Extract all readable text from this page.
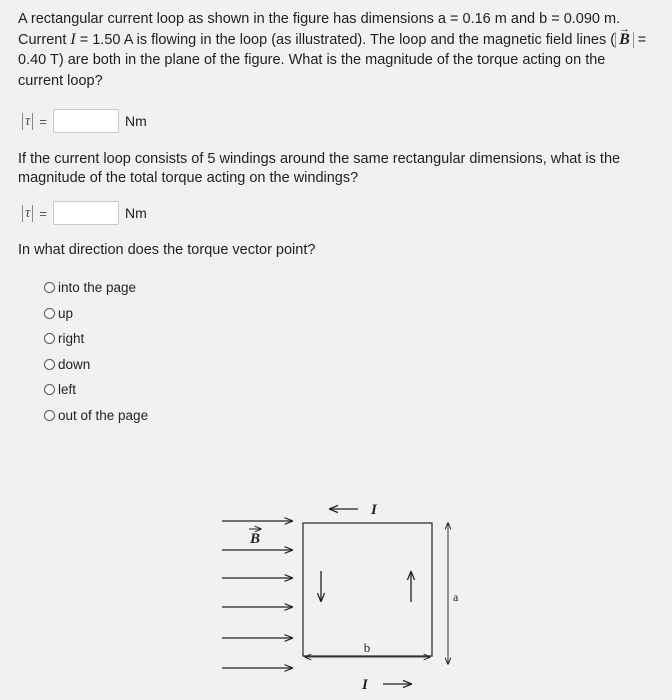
A rectangular current loop as shown in the figure has dimensions a = 0.16 m and b = 0.090 m. Current I = 1.50 A is flowing in the loop (as illustrated). The loop and the magnetic field lines (→ B = 0.40 T) are both in the plane of the figure. What is the magnitude of the torque acting on the current loop?
τ =	Nm
If the current loop consists of 5 windings around the same rectangular dimensions, what is the magnitude of the total torque acting on the windings?
τ =	Nm
In what direction does the torque vector point?
into the page
up
right
down
left
out of the page
B
I
I
b
a
